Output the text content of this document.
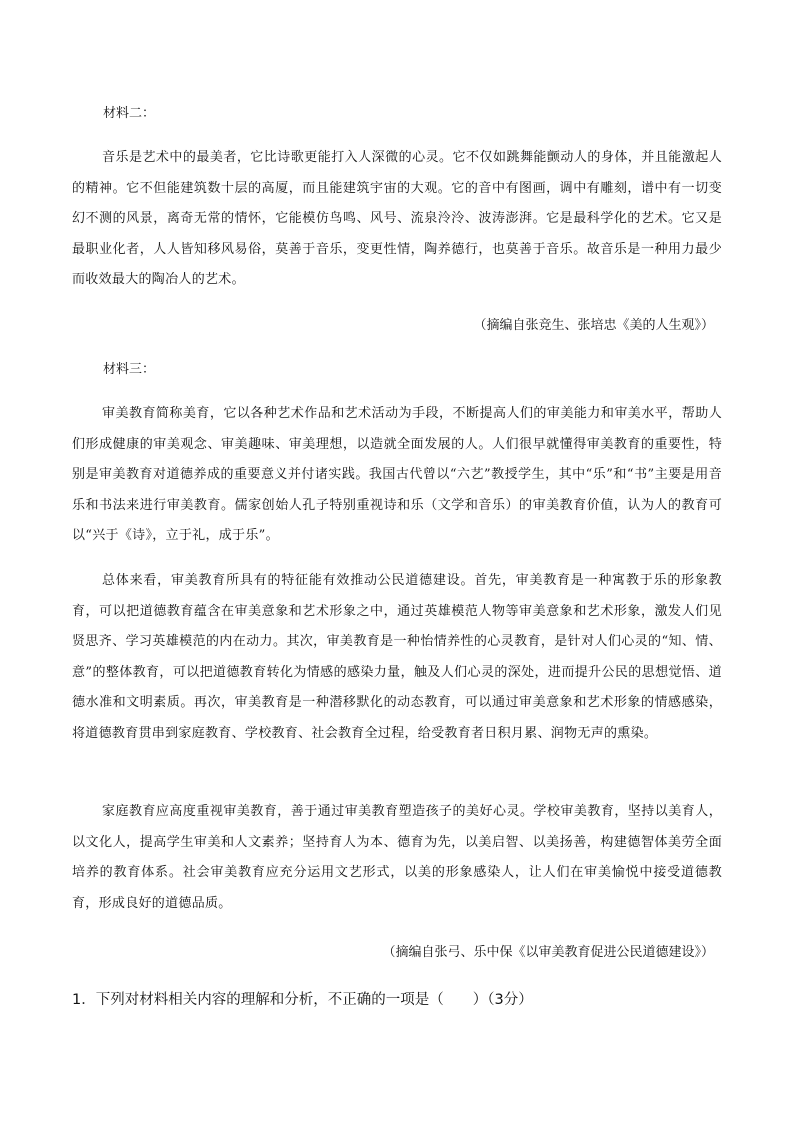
材料二：
音乐是艺术中的最美者，它比诗歌更能打入人深微的心灵。它不仅如跳舞能颤动人的身体，并且能激起人的精神。它不但能建筑数十层的高厦，而且能建筑宇宙的大观。它的音中有图画，调中有雕刻，谱中有一切变幻不测的风景，离奇无常的情怀，它能模仿鸟鸣、风号、流泉泠泠、波涛澎湃。它是最科学化的艺术。它又是最职业化者，人人皆知移风易俗，莫善于音乐，变更性情，陶养德行，也莫善于音乐。故音乐是一种用力最少而收效最大的陶冶人的艺术。
（摘编自张竞生、张培忠《美的人生观》）
材料三：
审美教育简称美育，它以各种艺术作品和艺术活动为手段，不断提高人们的审美能力和审美水平，帮助人们形成健康的审美观念、审美趣味、审美理想，以造就全面发展的人。人们很早就懂得审美教育的重要性，特别是审美教育对道德养成的重要意义并付诸实践。我国古代曾以“六艺”教授学生，其中“乐”和“书”主要是用音乐和书法来进行审美教育。儒家创始人孔子特别重视诗和乐（文学和音乐）的审美教育价值，认为人的教育可以“兴于《诗》，立于礼，成于乐”。
总体来看，审美教育所具有的特征能有效推动公民道德建设。首先，审美教育是一种寓教于乐的形象教育，可以把道德教育蕴含在审美意象和艺术形象之中，通过英雄模范人物等审美意象和艺术形象，激发人们见贤思齐、学习英雄模范的内在动力。其次，审美教育是一种怡情养性的心灵教育，是针对人们心灵的“知、情、意”的整体教育，可以把道德教育转化为情感的感染力量，触及人们心灵的深处，进而提升公民的思想觉悟、道德水准和文明素质。再次，审美教育是一种潜移默化的动态教育，可以通过审美意象和艺术形象的情感感染，将道德教育贯串到家庭教育、学校教育、社会教育全过程，给受教育者日积月累、润物无声的熏染。
家庭教育应高度重视审美教育，善于通过审美教育塑造孩子的美好心灵。学校审美教育，坚持以美育人，以文化人，提高学生审美和人文素养；坚持育人为本、德育为先，以美启智、以美扬善，构建德智体美劳全面培养的教育体系。社会审美教育应充分运用文艺形式，以美的形象感染人，让人们在审美愉悦中接受道德教育，形成良好的道德品质。
（摘编自张弓、乐中保《以审美教育促进公民道德建设》）
1．下列对材料相关内容的理解和分析，不正确的一项是（　　）（3分）
